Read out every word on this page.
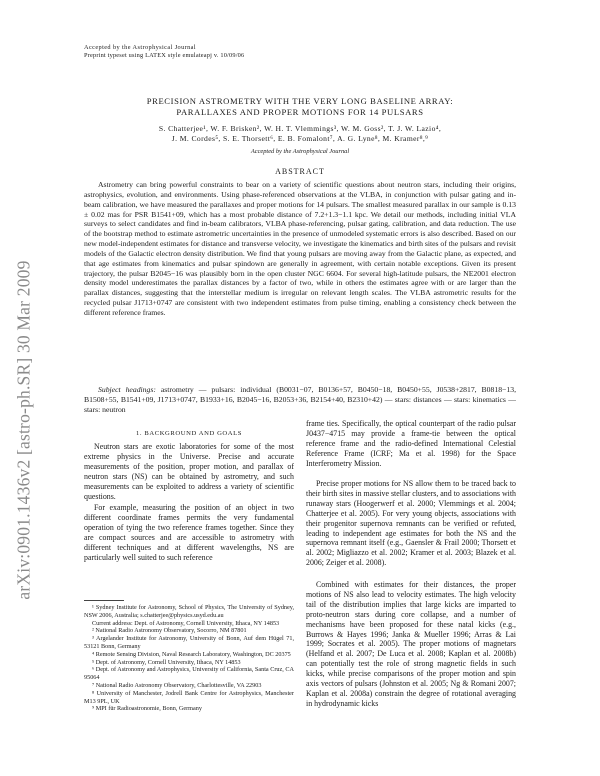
arXiv:0901.1436v2 [astro-ph.SR] 30 Mar 2009
Accepted by the Astrophysical Journal
Preprint typeset using LATEX style emulateapj v. 10/09/06
PRECISION ASTROMETRY WITH THE VERY LONG BASELINE ARRAY:
PARALLAXES AND PROPER MOTIONS FOR 14 PULSARS
S. Chatterjee¹, W. F. Brisken², W. H. T. Vlemmings³, W. M. Goss², T. J. W. Lazio⁴,
J. M. Cordes⁵, S. E. Thorsett⁶, E. B. Fomalont⁷, A. G. Lyne⁸, M. Kramer⁸,⁹
Accepted by the Astrophysical Journal
ABSTRACT

Astrometry can bring powerful constraints to bear on a variety of scientific questions about neutron stars, including their origins, astrophysics, evolution, and environments. Using phase-referenced observations at the VLBA, in conjunction with pulsar gating and in-beam calibration, we have measured the parallaxes and proper motions for 14 pulsars. The smallest measured parallax in our sample is 0.13 ± 0.02 mas for PSR B1541+09, which has a most probable distance of 7.2+1.3−1.1 kpc. We detail our methods, including initial VLA surveys to select candidates and find in-beam calibrators, VLBA phase-referencing, pulsar gating, calibration, and data reduction. The use of the bootstrap method to estimate astrometric uncertainties in the presence of unmodeled systematic errors is also described. Based on our new model-independent estimates for distance and transverse velocity, we investigate the kinematics and birth sites of the pulsars and revisit models of the Galactic electron density distribution. We find that young pulsars are moving away from the Galactic plane, as expected, and that age estimates from kinematics and pulsar spindown are generally in agreement, with certain notable exceptions. Given its present trajectory, the pulsar B2045−16 was plausibly born in the open cluster NGC 6604. For several high-latitude pulsars, the NE2001 electron density model underestimates the parallax distances by a factor of two, while in others the estimates agree with or are larger than the parallax distances, suggesting that the interstellar medium is irregular on relevant length scales. The VLBA astrometric results for the recycled pulsar J1713+0747 are consistent with two independent estimates from pulse timing, enabling a consistency check between the different reference frames.

Subject headings: astrometry — pulsars: individual (B0031−07, B0136+57, B0450−18, B0450+55, J0538+2817, B0818−13, B1508+55, B1541+09, J1713+0747, B1933+16, B2045−16, B2053+36, B2154+40, B2310+42) — stars: distances — stars: kinematics — stars: neutron

1. BACKGROUND AND GOALS

Neutron stars are exotic laboratories for some of the most extreme physics in the Universe. Precise and accurate measurements of the position, proper motion, and parallax of neutron stars (NS) can be obtained by astrometry, and such measurements can be exploited to address a variety of scientific questions.

For example, measuring the position of an object in two different coordinate frames permits the very fundamental operation of tying the two reference frames together. Since they are compact sources and are accessible to astrometry with different techniques and at different wavelengths, NS are particularly well suited to such reference

¹ Sydney Institute for Astronomy, School of Physics, The University of Sydney, NSW 2006, Australia; s.chatterjee@physics.usyd.edu.au

Current address: Dept. of Astronomy, Cornell University, Ithaca, NY 14853

² National Radio Astronomy Observatory, Socorro, NM 87801

³ Argelander Institute for Astronomy, University of Bonn, Auf dem Hügel 71, 53121 Bonn, Germany

⁴ Remote Sensing Division, Naval Research Laboratory, Washington, DC 20375

⁵ Dept. of Astronomy, Cornell University, Ithaca, NY 14853

⁶ Dept. of Astronomy and Astrophysics, University of California, Santa Cruz, CA 95064

⁷ National Radio Astronomy Observatory, Charlottesville, VA 22903

⁸ University of Manchester, Jodrell Bank Centre for Astrophysics, Manchester M13 9PL, UK

⁹ MPI für Radioastronomie, Bonn, Germany

frame ties. Specifically, the optical counterpart of the radio pulsar J0437−4715 may provide a frame-tie between the optical reference frame and the radio-defined International Celestial Reference Frame (ICRF; Ma et al. 1998) for the Space Interferometry Mission.

Precise proper motions for NS allow them to be traced back to their birth sites in massive stellar clusters, and to associations with runaway stars (Hoogerwerf et al. 2000; Vlemmings et al. 2004; Chatterjee et al. 2005). For very young objects, associations with their progenitor supernova remnants can be verified or refuted, leading to independent age estimates for both the NS and the supernova remnant itself (e.g., Gaensler & Frail 2000; Thorsett et al. 2002; Migliazzo et al. 2002; Kramer et al. 2003; Blazek et al. 2006; Zeiger et al. 2008).

Combined with estimates for their distances, the proper motions of NS also lead to velocity estimates. The high velocity tail of the distribution implies that large kicks are imparted to proto-neutron stars during core collapse, and a number of mechanisms have been proposed for these natal kicks (e.g., Burrows & Hayes 1996; Janka & Mueller 1996; Arras & Lai 1999; Socrates et al. 2005). The proper motions of magnetars (Helfand et al. 2007; De Luca et al. 2008; Kaplan et al. 2008b) can potentially test the role of strong magnetic fields in such kicks, while precise comparisons of the proper motion and spin axis vectors of pulsars (Johnston et al. 2005; Ng & Romani 2007; Kaplan et al. 2008a) constrain the degree of rotational averaging in hydrodynamic kicks
